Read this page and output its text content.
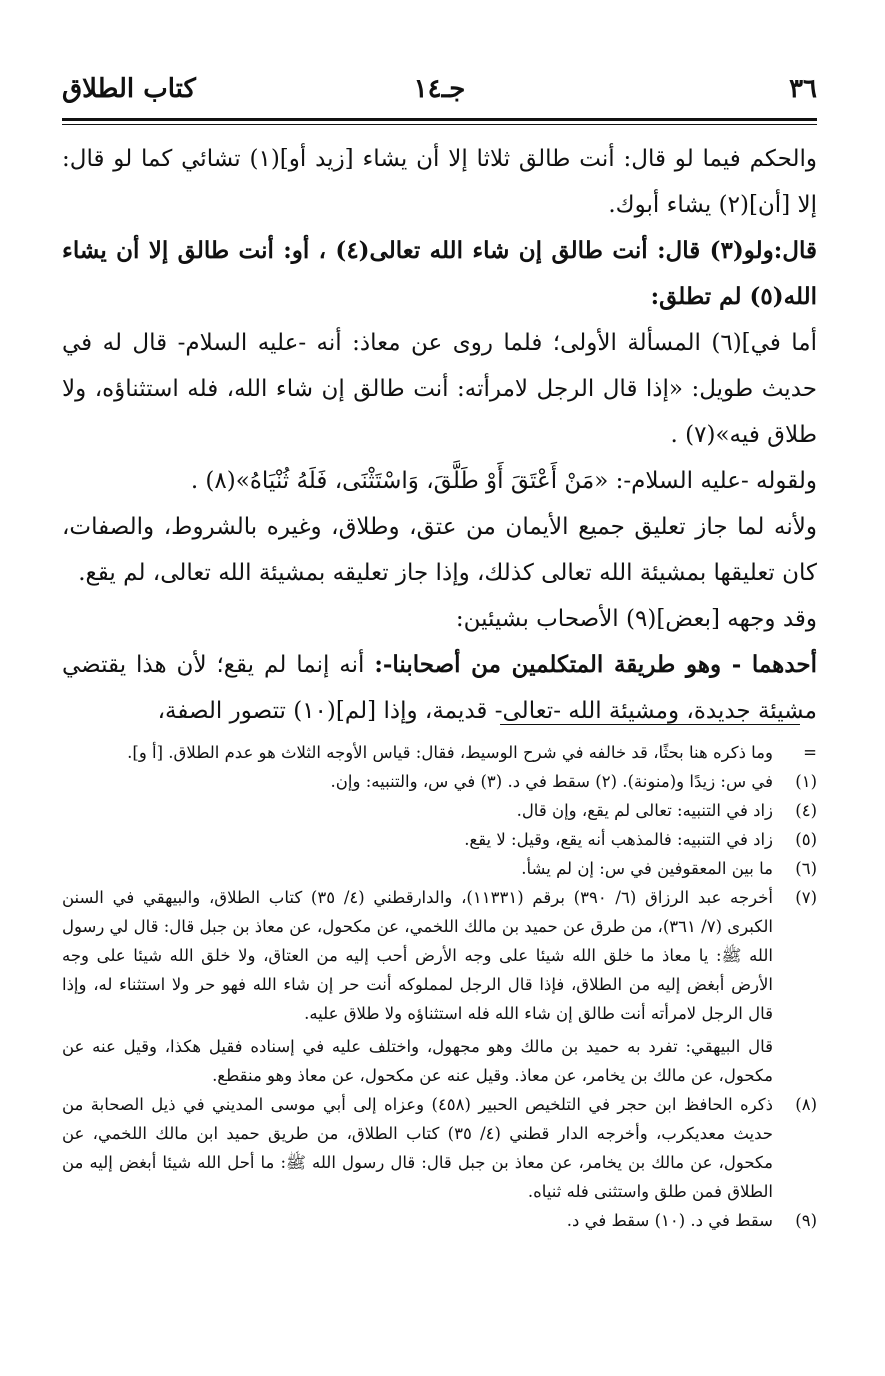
٣٦
جـ١٤
كتاب الطلاق

والحكم فيما لو قال: أنت طالق ثلاثا إلا أن يشاء [زيد أو](١) تشائي كما لو قال: إلا [أن](٢) يشاء أبوك.

قال:ولو(٣) قال: أنت طالق إن شاء الله تعالى(٤) ، أو: أنت طالق إلا أن يشاء الله(٥) لم تطلق:

أما في](٦) المسألة الأولى؛ فلما روى عن معاذ: أنه -عليه السلام- قال له في حديث طويل: «إذا قال الرجل لامرأته: أنت طالق إن شاء الله، فله استثناؤه، ولا طلاق فيه»(٧) .

ولقوله -عليه السلام-: «مَنْ أَعْتَقَ أَوْ طَلَّقَ، وَاسْتَثْنَى، فَلَهُ ثُنْيَاهُ»(٨) .

ولأنه لما جاز تعليق جميع الأيمان من عتق، وطلاق، وغيره بالشروط، والصفات، كان تعليقها بمشيئة الله تعالى كذلك، وإذا جاز تعليقه بمشيئة الله تعالى، لم يقع.

وقد وجهه [بعض](٩) الأصحاب بشيئين:

أحدهما - وهو طريقة المتكلمين من أصحابنا-: أنه إنما لم يقع؛ لأن هذا يقتضي مشيئة جديدة، ومشيئة الله -تعالى- قديمة، وإذا [لم](١٠) تتصور الصفة،

=
وما ذكره هنا بحثًا، قد خالفه في شرح الوسيط، فقال: قياس الأوجه الثلاث هو عدم الطلاق. [أ و].
(١)
في س: زيدًا و(منونة). (٢) سقط في د. (٣) في س، والتنبيه: وإن.
(٤)
زاد في التنبيه: تعالى لم يقع، وإن قال.
(٥)
زاد في التنبيه: فالمذهب أنه يقع، وقيل: لا يقع.
(٦)
ما بين المعقوفين في س: إن لم يشأ.
(٧)
أخرجه عبد الرزاق (٦/ ٣٩٠) برقم (١١٣٣١)، والدارقطني (٤/ ٣٥) كتاب الطلاق، والبيهقي في السنن الكبرى (٧/ ٣٦١)، من طرق عن حميد بن مالك اللخمي، عن مكحول، عن معاذ بن جبل قال: قال لي رسول الله ﷺ: يا معاذ ما خلق الله شيئا على وجه الأرض أحب إليه من العتاق، ولا خلق الله شيئا على وجه الأرض أبغض إليه من الطلاق، فإذا قال الرجل لمملوكه أنت حر إن شاء الله فهو حر ولا استثناء له، وإذا قال الرجل لامرأته أنت طالق إن شاء الله فله استثناؤه ولا طلاق عليه.
قال البيهقي: تفرد به حميد بن مالك وهو مجهول، واختلف عليه في إسناده فقيل هكذا، وقيل عنه عن مكحول، عن مالك بن يخامر، عن معاذ. وقيل عنه عن مكحول، عن معاذ وهو منقطع.
(٨)
ذكره الحافظ ابن حجر في التلخيص الحبير (٤٥٨) وعزاه إلى أبي موسى المديني في ذيل الصحابة من حديث معديكرب، وأخرجه الدار قطني (٤/ ٣٥) كتاب الطلاق، من طريق حميد ابن مالك اللخمي، عن مكحول، عن مالك بن يخامر، عن معاذ بن جبل قال: قال رسول الله ﷺ: ما أحل الله شيئا أبغض إليه من الطلاق فمن طلق واستثنى فله ثنياه.
(٩)
سقط في د. (١٠) سقط في د.
